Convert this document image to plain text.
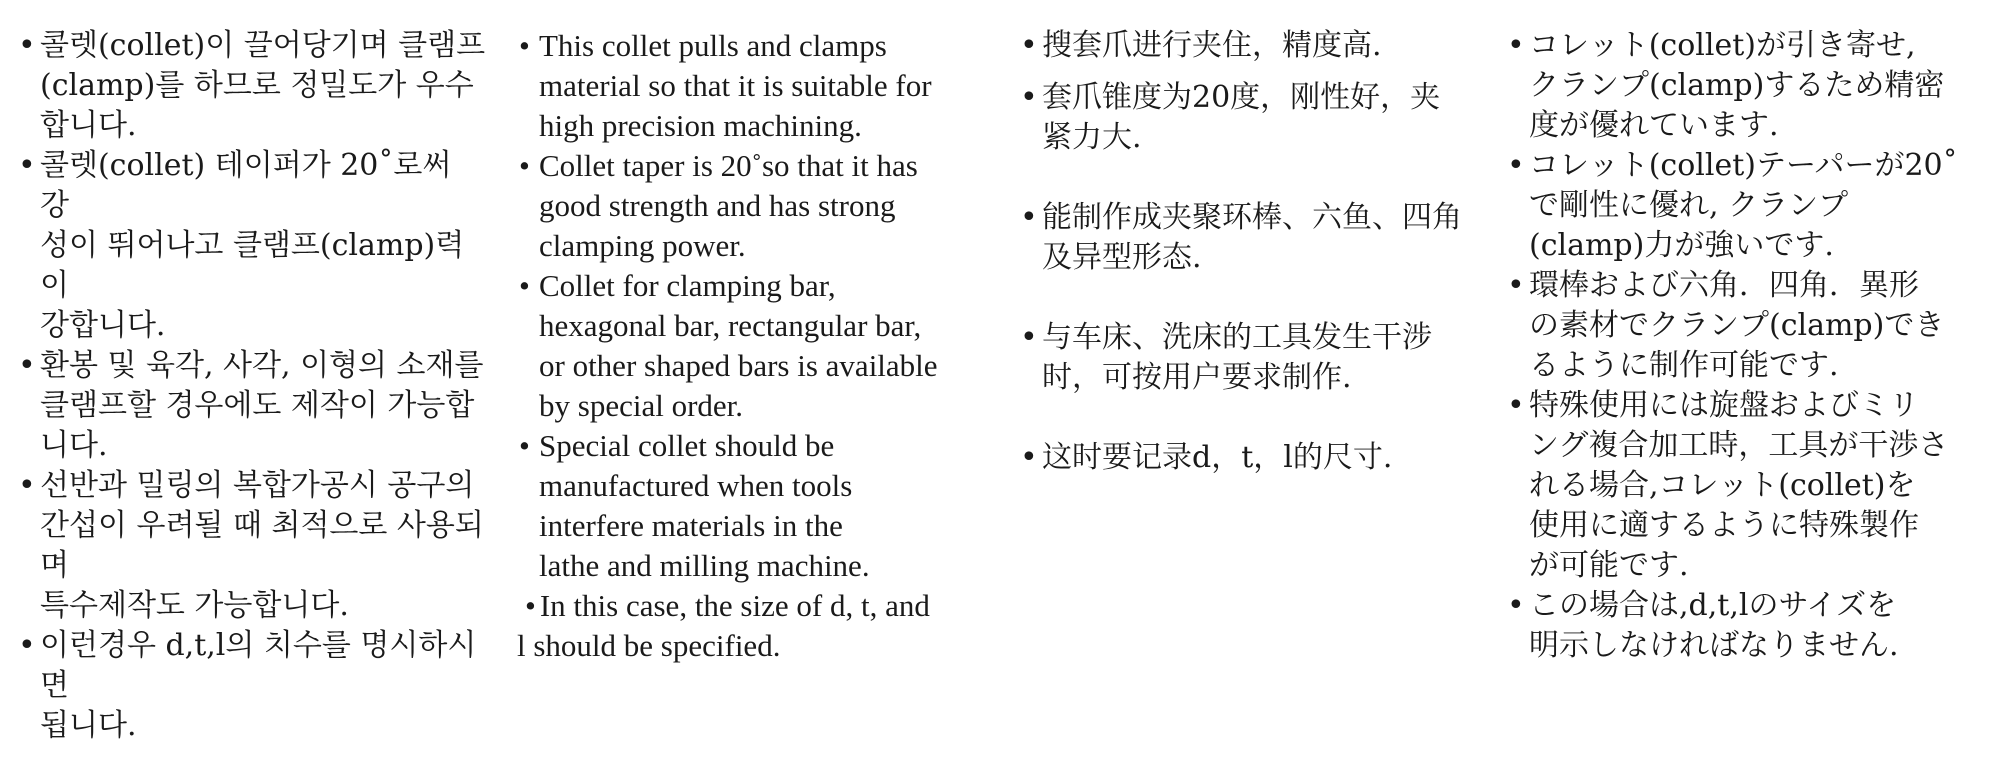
• 콜렛(collet)이 끌어당기며 클램프
(clamp)를 하므로 정밀도가 우수
합니다.
• 콜렛(collet) 테이퍼가 20˚로써 강
성이 뛰어나고 클램프(clamp)력이
강합니다.
• 환봉 및 육각, 사각, 이형의 소재를
클램프할 경우에도 제작이 가능합
니다.
• 선반과 밀링의 복합가공시 공구의
간섭이 우려될 때 최적으로 사용되며
특수제작도 가능합니다.
• 이런경우 d,t,l의 치수를 명시하시면
됩니다.
• This collet pulls and clamps
material so that it is suitable for
high precision machining.
• Collet taper is 20˚so that it has
good strength and has strong
clamping power.
• Collet for clamping bar,
hexagonal bar, rectangular bar,
or other shaped bars is available
by special order.
• Special collet should be
manufactured when tools
interfere materials in the
lathe and milling machine.
• In this case, the size of d, t, and
l should be specified.
• 搜套爪进行夹住，精度高.
• 套爪锥度为20度，刚性好，夹
紧力大.
• 能制作成夹聚环棒、六鱼、四角
及异型形态.
• 与车床、洗床的工具发生干涉
时，可按用户要求制作.
• 这时要记录d，t，l的尺寸.
• コレット(collet)が引き寄せ,
クランプ(clamp)するため精密
度が優れています.
• コレット(collet)テーパーが20˚
で剛性に優れ, クランプ
(clamp)力が強いです.
• 環棒および六角．四角．異形
の素材でクランプ(clamp)でき
るように制作可能です.
• 特殊使用には旋盤およびミリ
ング複合加工時，工具が干渉さ
れる場合,コレット(collet)を
使用に適するように特殊製作
が可能です.
• この場合は,d,t,lのサイズを
明示しなければなりません.
